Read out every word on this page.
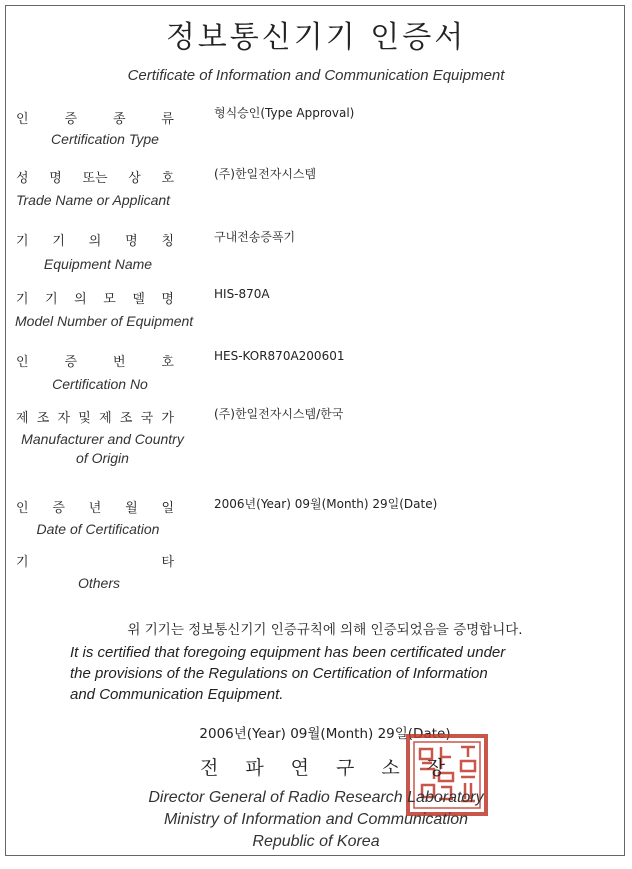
정보통신기기 인증서
Certificate of Information and Communication Equipment
인	증	종	류
Certification Type
형식승인(Type Approval)
성 명 또는 상 호
Trade Name or Applicant
(주)한일전자시스템
기 기 의 명 칭
Equipment Name
구내전송증폭기
기 기 의 모 델 명
Model Number of Equipment
HIS-870A
인	증	번	호
Certification No
HES-KOR870A200601
제 조 자 및 제 조 국 가
Manufacturer and Country
of Origin
(주)한일전자시스템/한국
인 증 년 월 일
Date of Certification
2006년(Year) 09월(Month) 29일(Date)
기	타
Others
위 기기는 정보통신기기 인증규칙에 의해 인증되었음을 증명합니다.
It is certified that foregoing equipment has been certificated under
the provisions of the Regulations on Certification of Information
and Communication Equipment.
2006년(Year) 09월(Month) 29일(Date)
전 파 연 구 소 장
Director General of Radio Research Laboratory
Ministry of Information and Communication
Republic of Korea
